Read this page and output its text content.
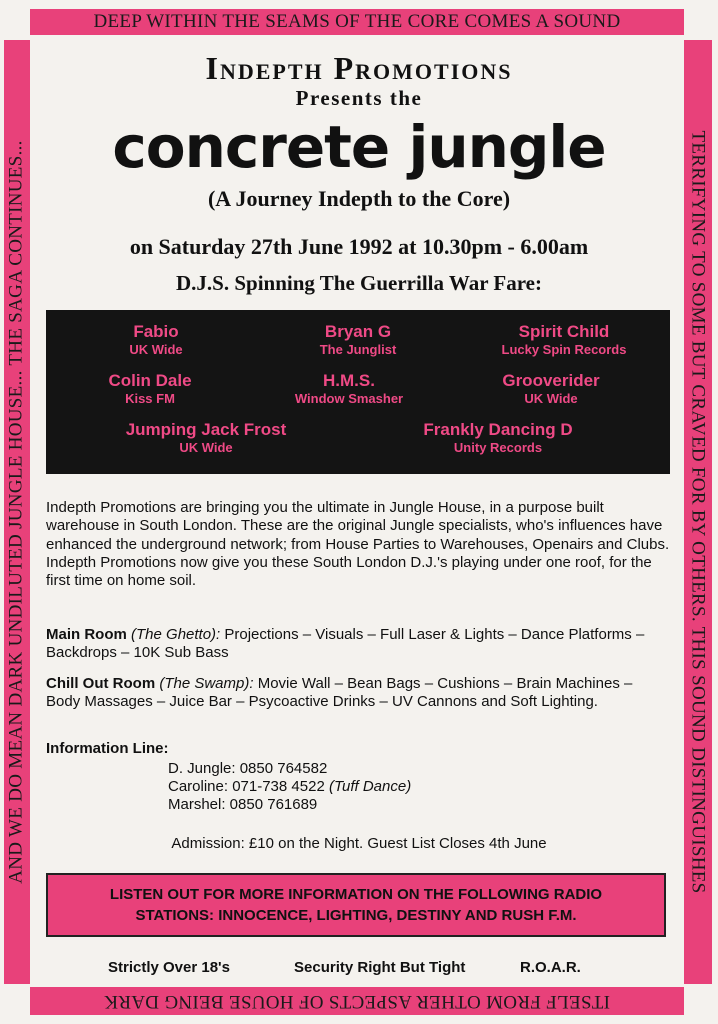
DEEP WITHIN THE SEAMS OF THE CORE COMES A SOUND
TERRIFYING TO SOME BUT CRAVED FOR BY OTHERS. THIS SOUND DISTINGUISHES
ITSELF FROM OTHER ASPECTS OF HOUSE BEING DARK
AND WE DO MEAN DARK UNDILUTED JUNGLE HOUSE... THE SAGA CONTINUES...
Indepth Promotions
Presents the
concrete jungle
(A Journey Indepth to the Core)
on Saturday 27th June 1992 at 10.30pm - 6.00am
D.J.S. Spinning The Guerrilla War Fare:
Fabio
UK Wide
Bryan G
The Junglist
Spirit Child
Lucky Spin Records
Colin Dale
Kiss FM
H.M.S.
Window Smasher
Grooverider
UK Wide
Jumping Jack Frost
UK Wide
Frankly Dancing D
Unity Records
Indepth Promotions are bringing you the ultimate in Jungle House, in a purpose built warehouse in South London. These are the original Jungle specialists, who's influences have enhanced the underground network; from House Parties to Warehouses, Openairs and Clubs. Indepth Promotions now give you these South London D.J.'s playing under one roof, for the first time on home soil.
Main Room (The Ghetto): Projections – Visuals – Full Laser & Lights – Dance Platforms – Backdrops – 10K Sub Bass
Chill Out Room (The Swamp): Movie Wall – Bean Bags – Cushions – Brain Machines – Body Massages – Juice Bar – Psycoactive Drinks – UV Cannons and Soft Lighting.
Information Line:
D. Jungle: 0850 764582
Caroline: 071-738 4522 (Tuff Dance)
Marshel: 0850 761689
Admission: £10 on the Night. Guest List Closes 4th June
LISTEN OUT FOR MORE INFORMATION ON THE FOLLOWING RADIO
STATIONS: INNOCENCE, LIGHTING, DESTINY AND RUSH F.M.
Strictly Over 18's	Security Right But Tight	R.O.A.R.
